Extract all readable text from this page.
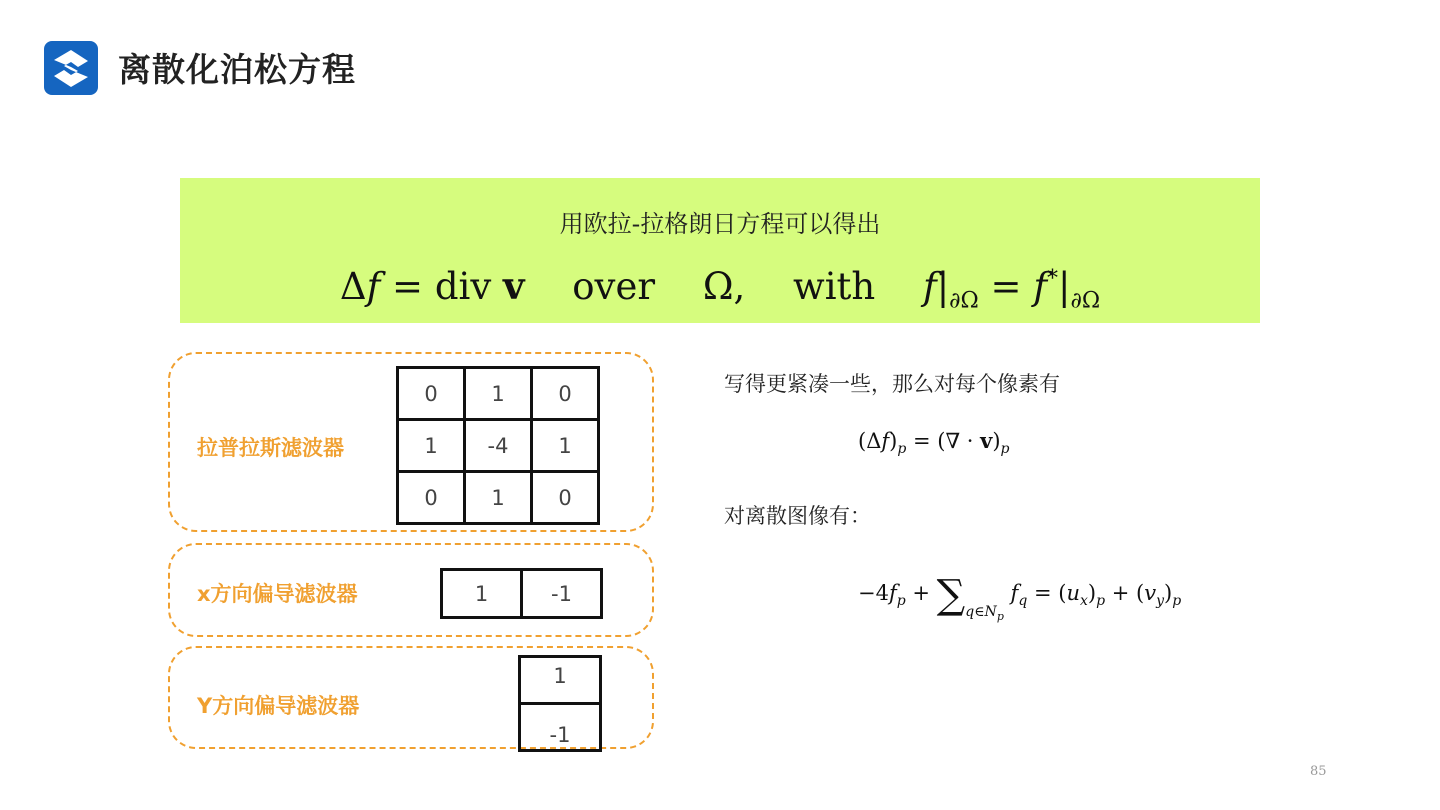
离散化泊松方程
用欧拉-拉格朗日方程可以得出
Δf = div v over Ω, with $f|_{\partial\Omega} = f^*|_{\partial\Omega}$
拉普拉斯滤波器
0	1	0
1	-4	1
0	1	0
x方向偏导滤波器	1	-1
Y方向偏导滤波器
1
-1
写得更紧凑一些，那么对每个像素有
$(\Delta f)_p$ = (∇ · $v)_p$
对离散图像有：
$-4f_p + \sum_{q\in N_p}$ $f_q = (u_x)_p + (v_y)_p$
85
